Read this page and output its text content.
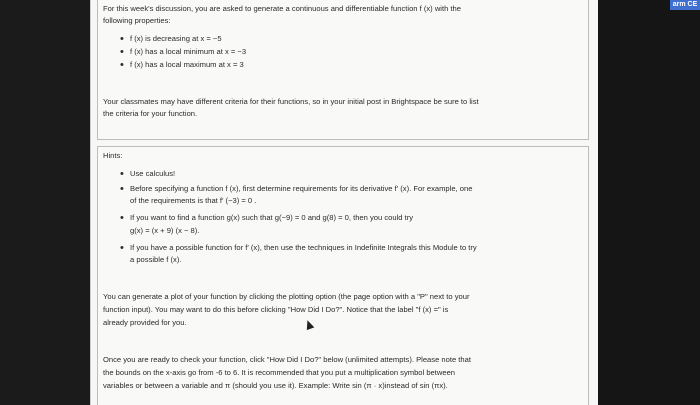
For this week's discussion, you are asked to generate a continuous and differentiable function f (x) with the

following properties:

• f (x) is decreasing at x = −5

• f (x) has a local minimum at x = −3

• f (x) has a local maximum at x = 3

Your classmates may have different criteria for their functions, so in your initial post in Brightspace be sure to list

the criteria for your function.

Hints:

• Use calculus!

• Before specifying a function f (x), first determine requirements for its derivative f′ (x). For example, one

of the requirements is that f′ (−3) = 0 .

• If you want to find a function g(x) such that g(−9) = 0 and g(8) = 0, then you could try

g(x) = (x + 9) (x − 8).

• If you have a possible function for f′ (x), then use the techniques in Indefinite Integrals this Module to try

a possible f (x).

You can generate a plot of your function by clicking the plotting option (the page option with a "P" next to your

function input). You may want to do this before clicking "How Did I Do?". Notice that the label "f (x) =" is

already provided for you.

Once you are ready to check your function, click "How Did I Do?" below (unlimited attempts). Please note that

the bounds on the x-axis go from -6 to 6. It is recommended that you put a multiplication symbol between

variables or between a variable and π (should you use it). Example: Write sin (π · x)instead of sin (πx).

arm CE
